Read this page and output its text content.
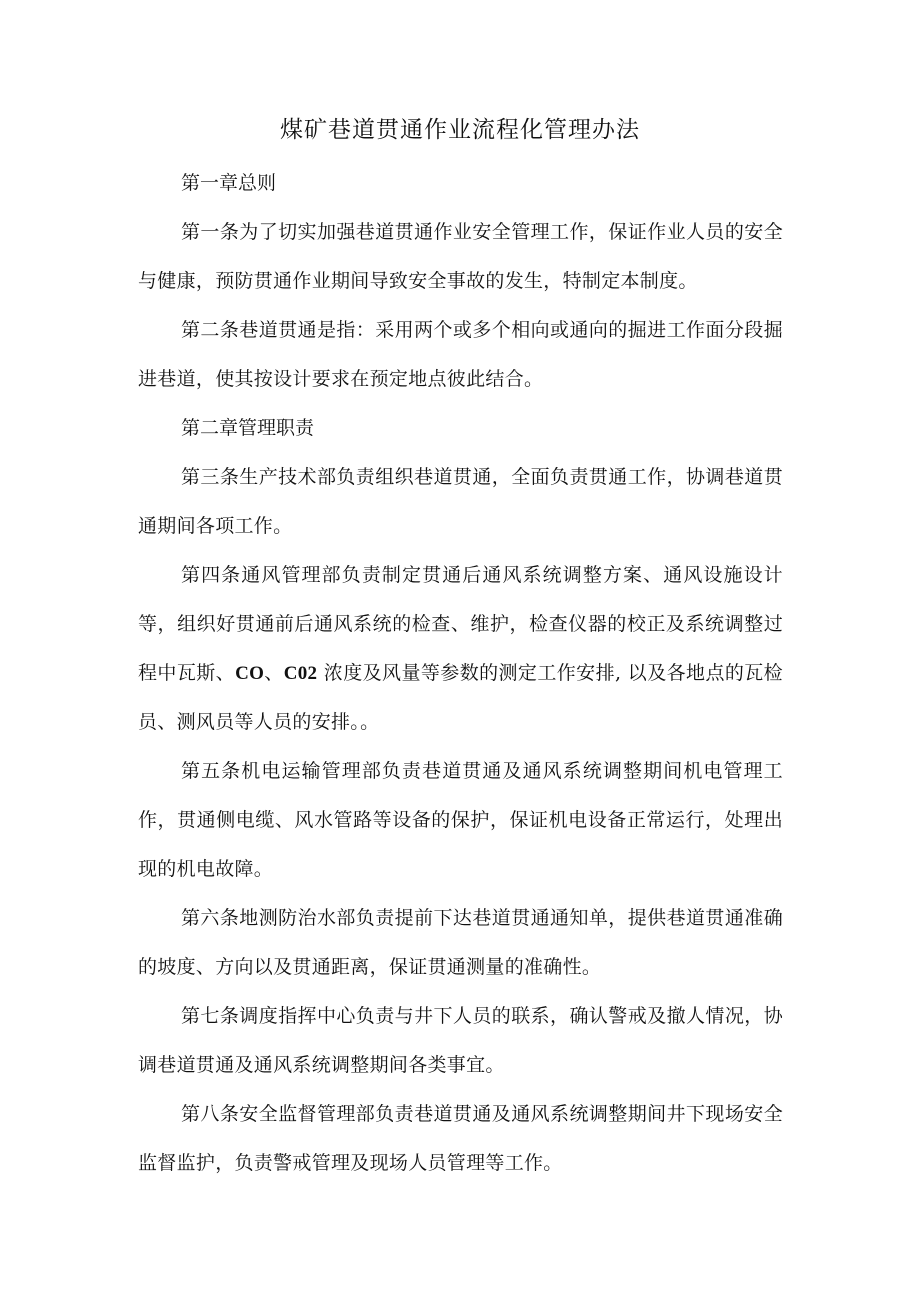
煤矿巷道贯通作业流程化管理办法

第一章总则

第一条为了切实加强巷道贯通作业安全管理工作，保证作业人员的安全与健康，预防贯通作业期间导致安全事故的发生，特制定本制度。

第二条巷道贯通是指：采用两个或多个相向或通向的掘进工作面分段掘进巷道，使其按设计要求在预定地点彼此结合。

第二章管理职责

第三条生产技术部负责组织巷道贯通，全面负责贯通工作，协调巷道贯通期间各项工作。

第四条通风管理部负责制定贯通后通风系统调整方案、通风设施设计等，组织好贯通前后通风系统的检查、维护，检查仪器的校正及系统调整过程中瓦斯、CO、C02 浓度及风量等参数的测定工作安排, 以及各地点的瓦检员、测风员等人员的安排。。

第五条机电运输管理部负责巷道贯通及通风系统调整期间机电管理工作，贯通侧电缆、风水管路等设备的保护，保证机电设备正常运行，处理出现的机电故障。

第六条地测防治水部负责提前下达巷道贯通通知单，提供巷道贯通准确的坡度、方向以及贯通距离，保证贯通测量的准确性。

第七条调度指挥中心负责与井下人员的联系，确认警戒及撤人情况，协调巷道贯通及通风系统调整期间各类事宜。

第八条安全监督管理部负责巷道贯通及通风系统调整期间井下现场安全监督监护，负责警戒管理及现场人员管理等工作。
